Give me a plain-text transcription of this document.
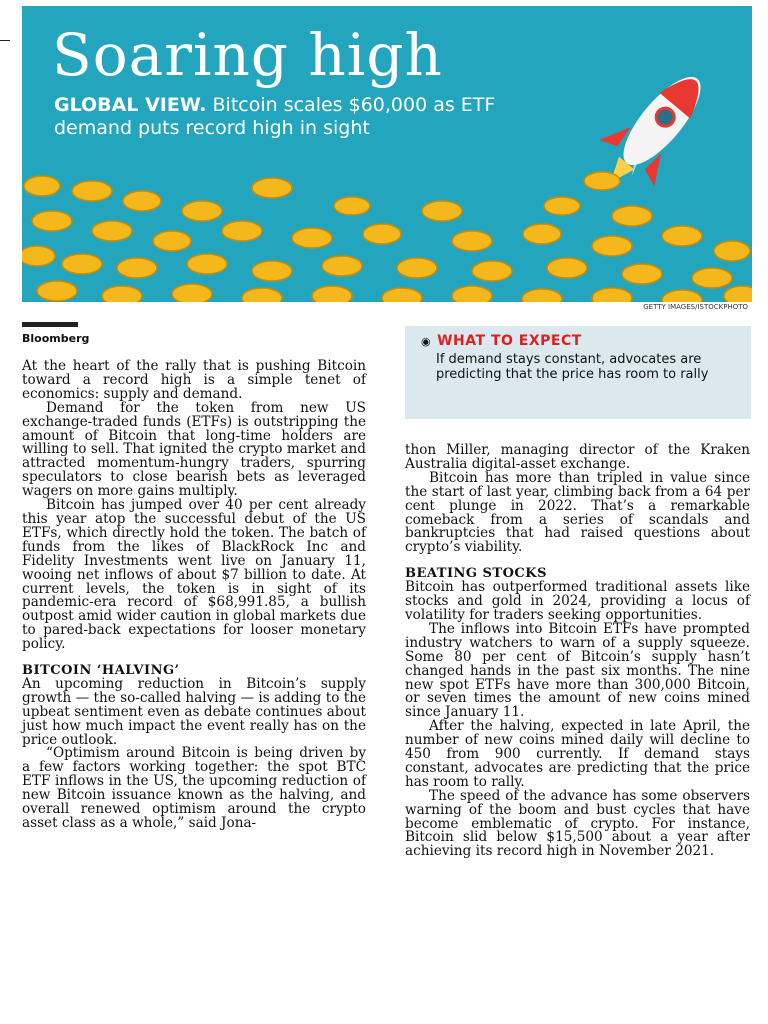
Soaring high
GLOBAL VIEW. Bitcoin scales $60,000 as ETF demand puts record high in sight
GETTY IMAGES/ISTOCKPHOTO
Bloomberg

At the heart of the rally that is pushing Bitcoin toward a record high is a simple tenet of economics: supply and demand.

Demand for the token from new US exchange-traded funds (ETFs) is outstripping the amount of Bitcoin that long-time holders are willing to sell. That ignited the crypto market and attracted momentum-hungry traders, spurring speculators to close bearish bets as leveraged wagers on more gains multiply.

Bitcoin has jumped over 40 per cent already this year atop the successful debut of the US ETFs, which directly hold the token. The batch of funds from the likes of BlackRock Inc and Fidelity Investments went live on January 11, wooing net inflows of about $7 billion to date. At current levels, the token is in sight of its pandemic-era record of $68,991.85, a bullish outpost amid wider caution in global markets due to pared-back expectations for looser monetary policy.

BITCOIN ‘HALVING’

An upcoming reduction in Bitcoin’s supply growth — the so-called halving — is adding to the upbeat sentiment even as debate continues about just how much impact the event really has on the price outlook.

“Optimism around Bitcoin is being driven by a few factors working together: the spot BTC ETF inflows in the US, the upcoming reduction of new Bitcoin issuance known as the halving, and overall renewed optimism around the crypto asset class as a whole,” said Jona-

◉ WHAT TO EXPECT
If demand stays constant, advocates are predicting that the price has room to rally

thon Miller, managing director of the Kraken Australia digital-asset exchange.

Bitcoin has more than tripled in value since the start of last year, climbing back from a 64 per cent plunge in 2022. That’s a remarkable comeback from a series of scandals and bankruptcies that had raised questions about crypto’s viability.

BEATING STOCKS

Bitcoin has outperformed traditional assets like stocks and gold in 2024, providing a locus of volatility for traders seeking opportunities.

The inflows into Bitcoin ETFs have prompted industry watchers to warn of a supply squeeze. Some 80 per cent of Bitcoin’s supply hasn’t changed hands in the past six months. The nine new spot ETFs have more than 300,000 Bitcoin, or seven times the amount of new coins mined since January 11.

After the halving, expected in late April, the number of new coins mined daily will decline to 450 from 900 currently. If demand stays constant, advocates are predicting that the price has room to rally.

The speed of the advance has some observers warning of the boom and bust cycles that have become emblematic of crypto. For instance, Bitcoin slid below $15,500 about a year after achieving its record high in November 2021.
